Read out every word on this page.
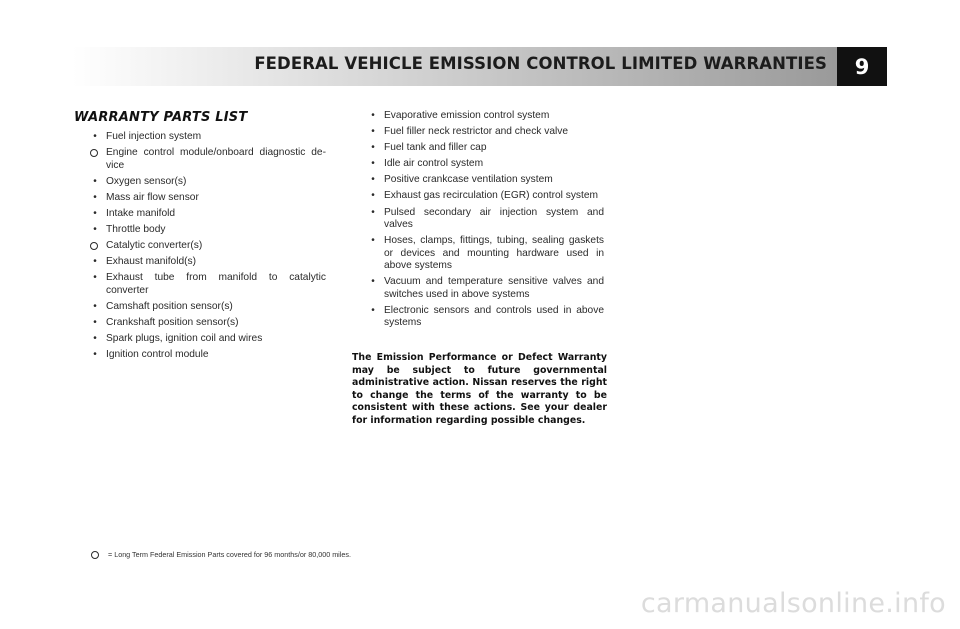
FEDERAL VEHICLE EMISSION CONTROL LIMITED WARRANTIES	9
WARRANTY PARTS LIST
• Fuel injection system
Engine control module/onboard diagnostic de-vice
• Oxygen sensor(s)
• Mass air flow sensor
• Intake manifold
• Throttle body
Catalytic converter(s)
• Exhaust manifold(s)
• Exhaust tube from manifold to catalytic converter
• Camshaft position sensor(s)
• Crankshaft position sensor(s)
• Spark plugs, ignition coil and wires
• Ignition control module
• Evaporative emission control system
• Fuel filler neck restrictor and check valve
• Fuel tank and filler cap
• Idle air control system
• Positive crankcase ventilation system
• Exhaust gas recirculation (EGR) control system
• Pulsed secondary air injection system and valves
• Hoses, clamps, fittings, tubing, sealing gaskets or devices and mounting hardware used in above systems
• Vacuum and temperature sensitive valves and switches used in above systems
• Electronic sensors and controls used in above systems
The Emission Performance or Defect Warranty may be subject to future governmental administrative action. Nissan reserves the right to change the terms of the warranty to be consistent with these actions. See your dealer for information regarding possible changes.
= Long Term Federal Emission Parts covered for 96 months/or 80,000 miles.
carmanualsonline.info
